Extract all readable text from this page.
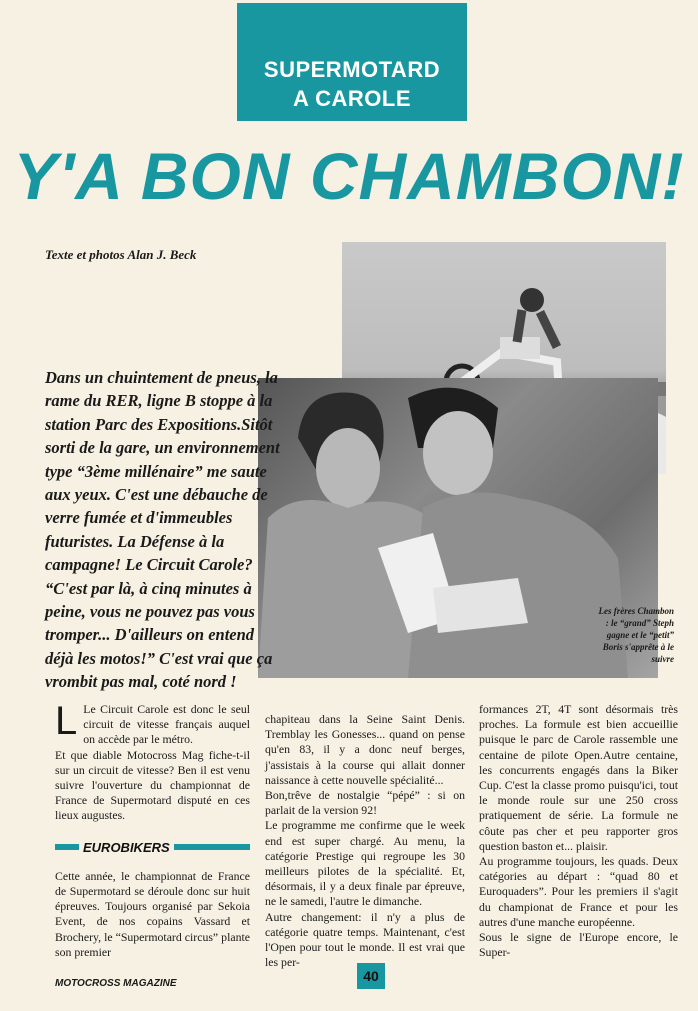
SUPERMOTARD
A CAROLE
Y'A BON CHAMBON!
Texte et photos Alan J. Beck
Dans un chuintement de pneus, la rame du RER, ligne B stoppe à la station Parc des Expositions.Sitôt sorti de la gare, un environnement type “3ème millénaire” me saute aux yeux. C'est une débauche de verre fumée et d'immeubles futuristes. La Défense à la campagne! Le Circuit Carole? “C'est par là, à cinq minutes à peine, vous ne pouvez pas vous tromper... D'ailleurs on entend déjà les motos!” C'est vrai que ça vrombit pas mal, coté nord !
Les frères Chambon : le “grand” Steph gagne et le “petit” Boris s'apprête à le suivre

L Le Circuit Carole est donc le seul circuit de vitesse français auquel on accède par le métro.

Et que diable Motocross Mag fiche-t-il sur un circuit de vitesse? Ben il est venu suivre l'ouverture du championnat de France de Supermotard disputé en ces lieux augustes.

EUROBIKERS

Cette année, le championnat de France de Supermotard se déroule donc sur huit épreuves. Toujours organisé par Sekoia Event, de nos copains Vassard et Brochery, le “Supermotard circus” plante son premier

chapiteau dans la Seine Saint Denis. Tremblay les Gonesses... quand on pense qu'en 83, il y a donc neuf berges, j'assistais à la course qui allait donner naissance à cette nouvelle spécialité...

Bon,trêve de nostalgie “pépé” : si on parlait de la version 92!

Le programme me confirme que le week end est super chargé. Au menu, la catégorie Prestige qui regroupe les 30 meilleurs pilotes de la spécialité. Et, désormais, il y a deux finale par épreuve, ne le samedi, l'autre le dimanche.

Autre changement: il n'y a plus de catégorie quatre temps. Maintenant, c'est l'Open pour tout le monde. Il est vrai que les per-

formances 2T, 4T sont désormais très proches. La formule est bien accueillie puisque le parc de Carole rassemble une centaine de pilote Open.Autre centaine, les concurrents engagés dans la Biker Cup. C'est la classe promo puisqu'ici, tout le monde roule sur une 250 cross pratiquement de série. La formule ne côute pas cher et peu rapporter gros question baston et... plaisir.

Au programme toujours, les quads. Deux catégories au départ : “quad 80 et Euroquaders”. Pour les premiers il s'agit du championat de France et pour les autres d'une manche européenne.

Sous le signe de l'Europe encore, le Super-

MOTOCROSS MAGAZINE	40
